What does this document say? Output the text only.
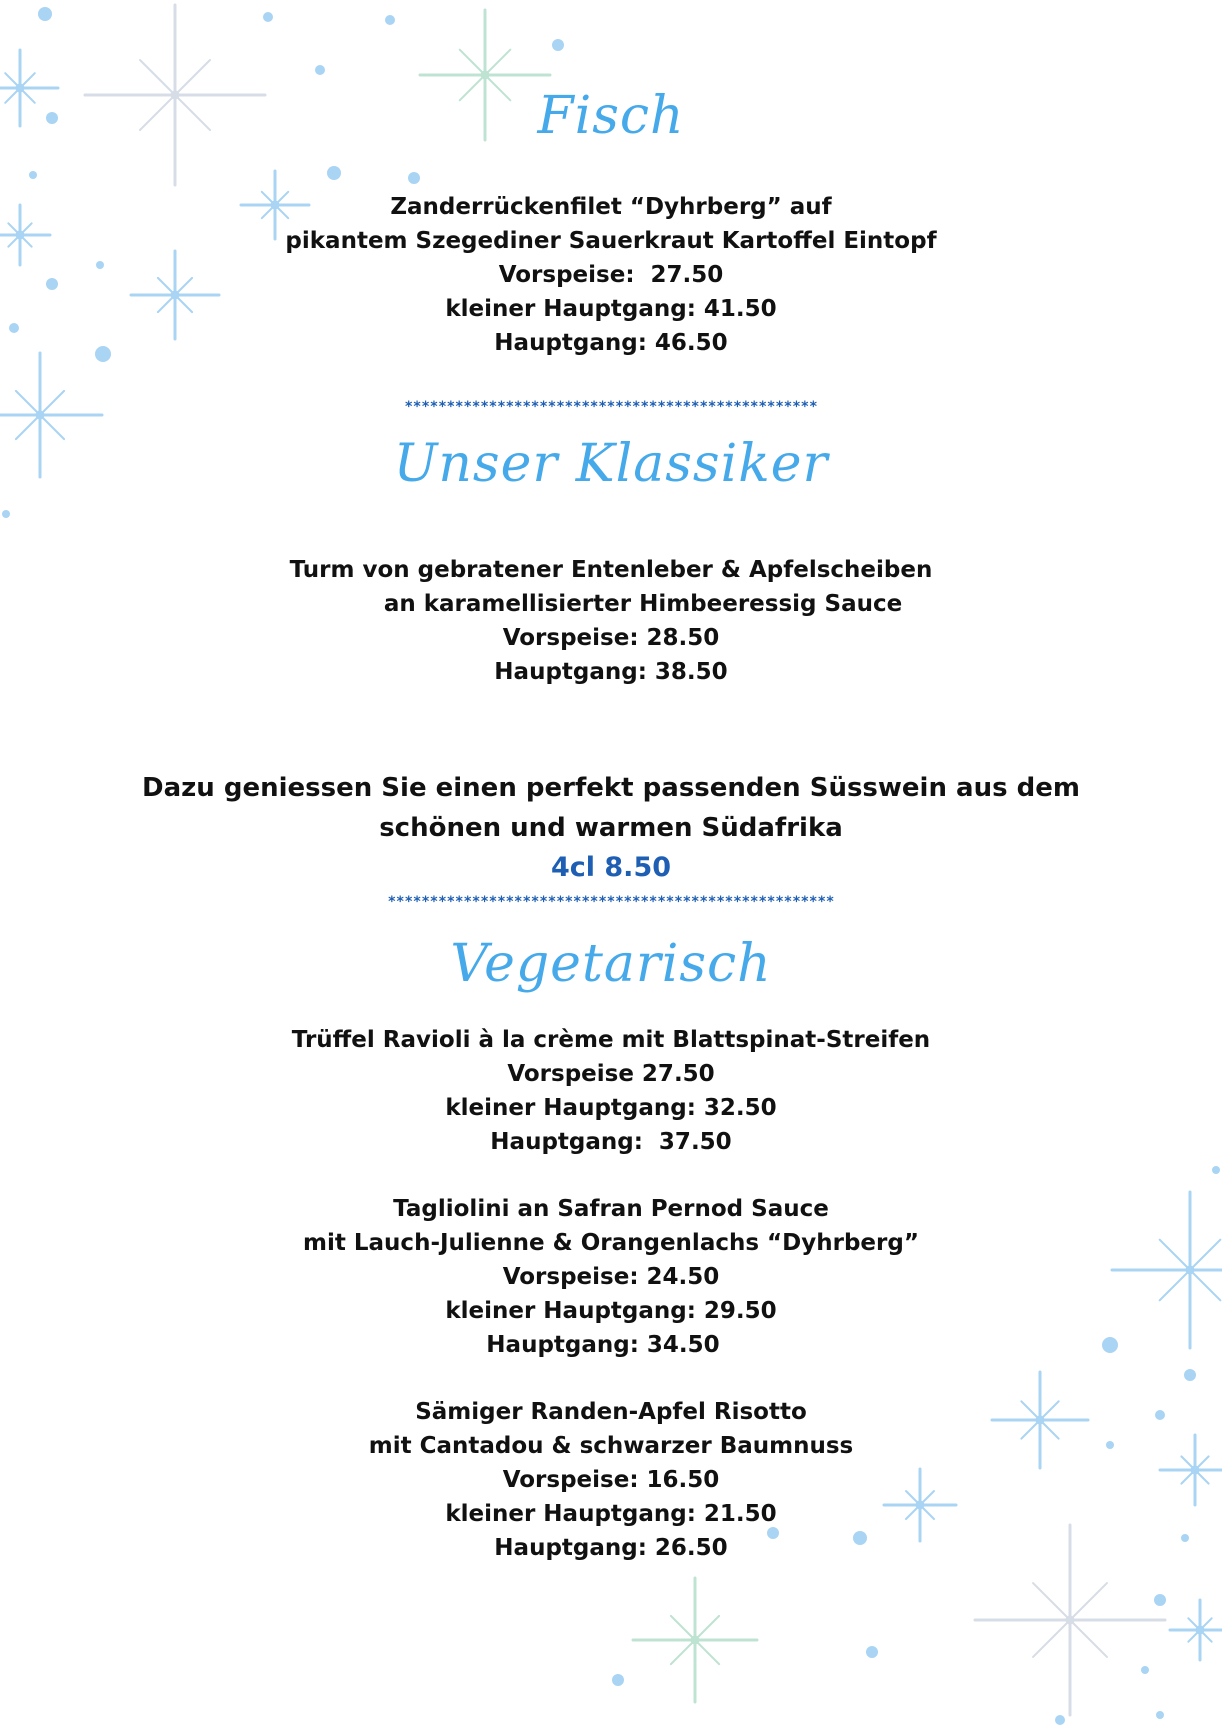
Fisch
Zanderrückenfilet “Dyhrberg” auf
pikantem Szegediner Sauerkraut Kartoffel Eintopf
Vorspeise:  27.50
kleiner Hauptgang: 41.50
Hauptgang: 46.50
*************************************************
Unser Klassiker
Turm von gebratener Entenleber & Apfelscheiben
an karamellisierter Himbeeressig Sauce
Vorspeise: 28.50
Hauptgang: 38.50
Dazu geniessen Sie einen perfekt passenden Süsswein aus dem
schönen und warmen Südafrika
4cl 8.50
*****************************************************
Vegetarisch
Trüffel Ravioli à la crème mit Blattspinat-Streifen
Vorspeise 27.50
kleiner Hauptgang: 32.50
Hauptgang:  37.50
Tagliolini an Safran Pernod Sauce
mit Lauch-Julienne & Orangenlachs “Dyhrberg”
Vorspeise: 24.50
kleiner Hauptgang: 29.50
Hauptgang: 34.50
Sämiger Randen-Apfel Risotto
mit Cantadou & schwarzer Baumnuss
Vorspeise: 16.50
kleiner Hauptgang: 21.50
Hauptgang: 26.50
